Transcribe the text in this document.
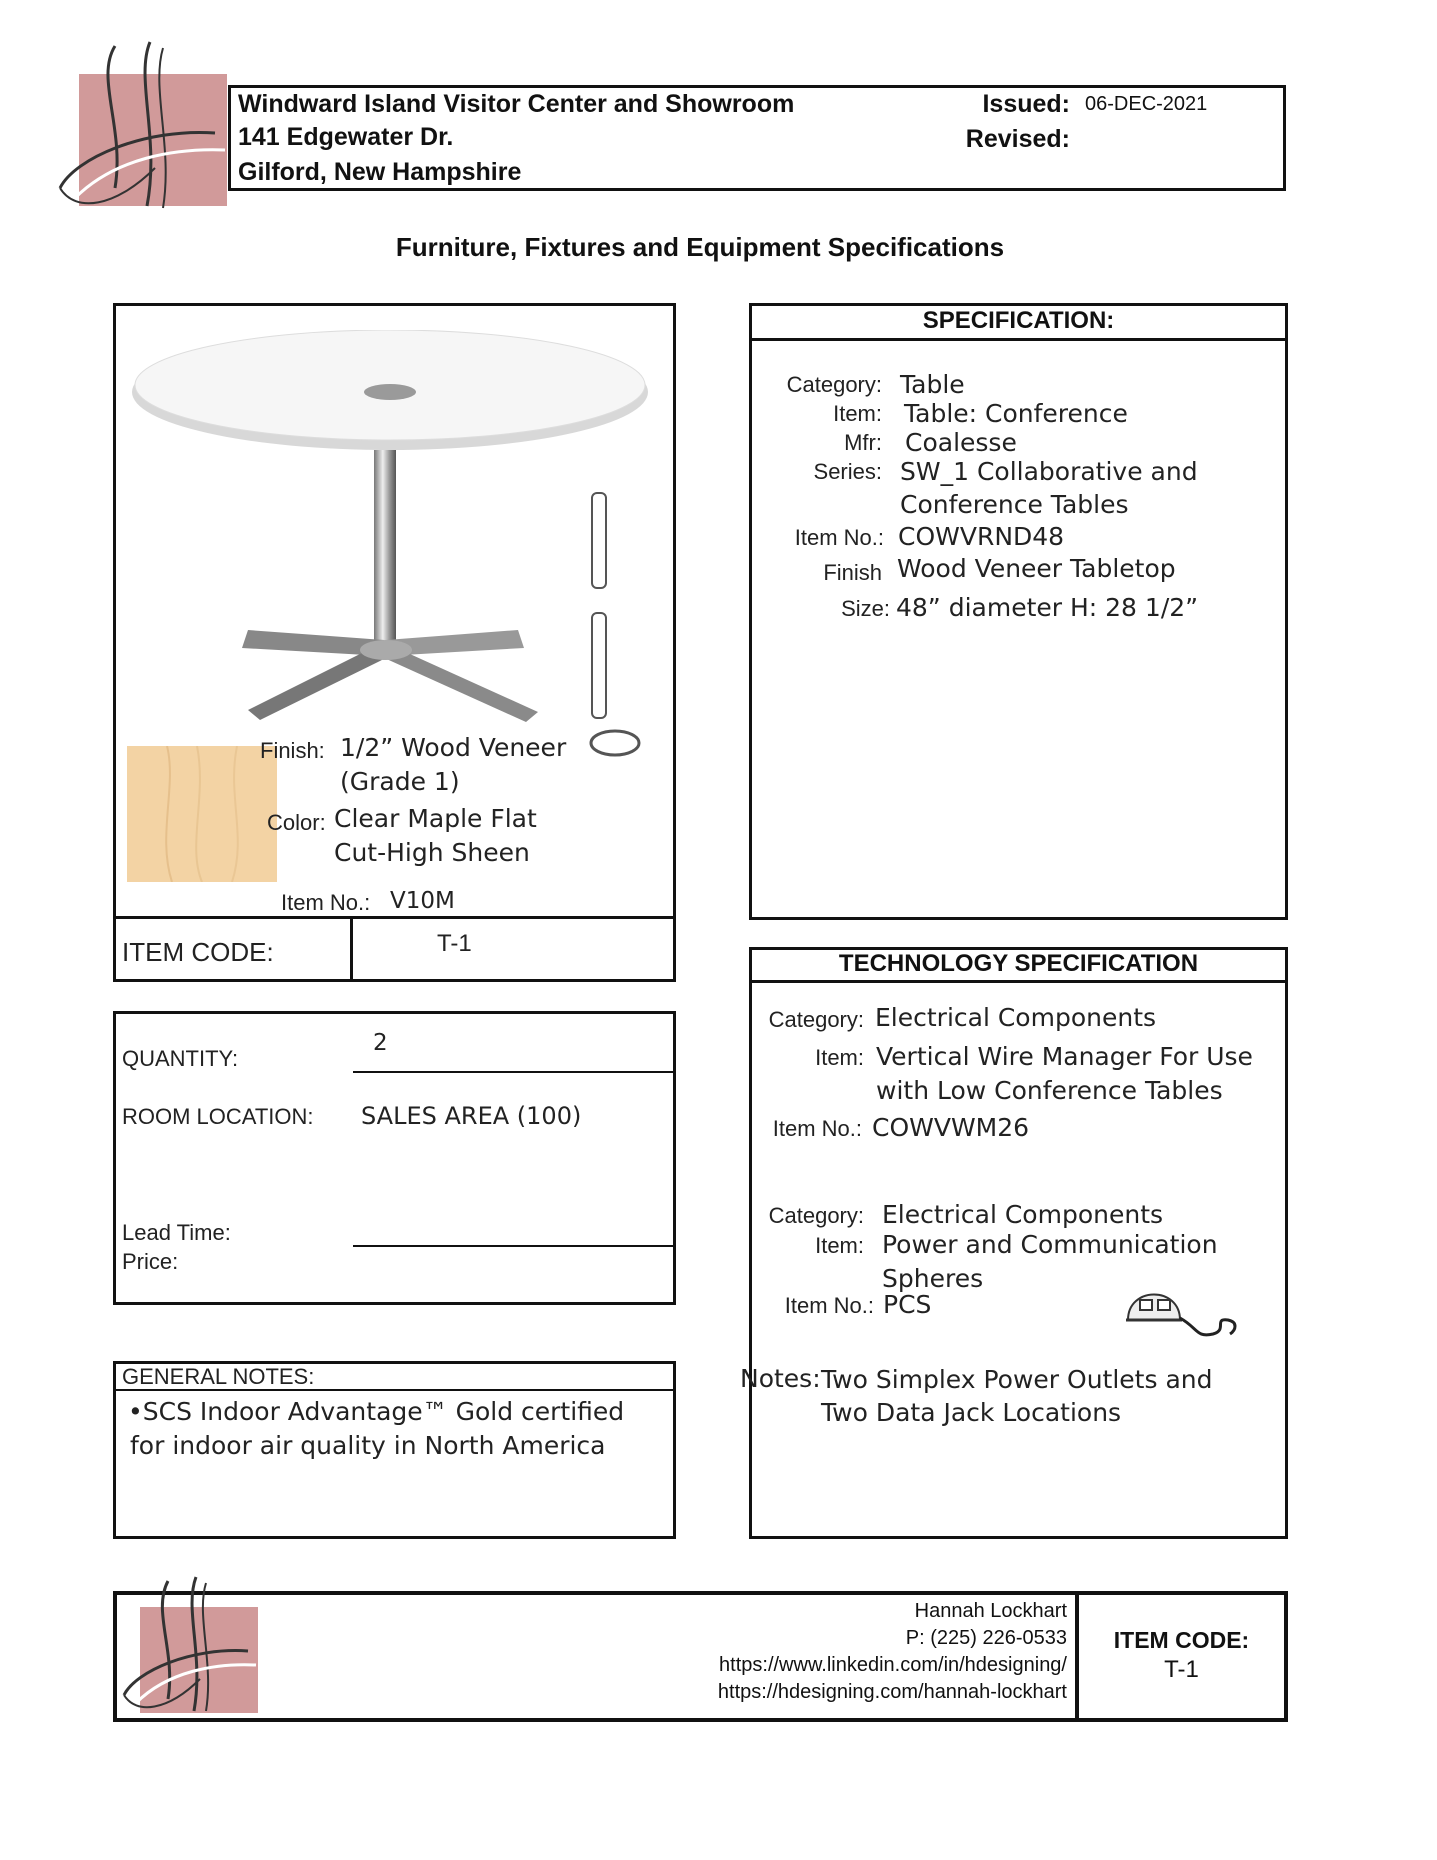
Windward Island Visitor Center and Showroom
141 Edgewater Dr.
Gilford, New Hampshire
Issued: 06-DEC-2021
Revised:
Furniture, Fixtures and Equipment Specifications
Finish: 1/2” Wood Veneer
(Grade 1)
Color: Clear Maple Flat
Cut-High Sheen
Item No.: V10M
ITEM CODE:	T-1
QUANTITY:
2
ROOM LOCATION: SALES AREA (100)
Lead Time:
Price:
GENERAL NOTES:
•SCS Indoor Advantage™ Gold certified
for indoor air quality in North America
SPECIFICATION:
Category: Table
Item: Table: Conference
Mfr: Coalesse
Series: SW_1 Collaborative and
Conference Tables
Item No.: COWVRND48
Finish Wood Veneer Tabletop
Size: 48” diameter H: 28 1/2”
TECHNOLOGY SPECIFICATION
Category: Electrical Components
Item: Vertical Wire Manager For Use
with Low Conference Tables
Item No.: COWVWM26
Category: Electrical Components
Item: Power and Communication
Spheres
Item No.: PCS
Notes: Two Simplex Power Outlets and
Two Data Jack Locations
Hannah Lockhart
P: (225) 226-0533
https://www.linkedin.com/in/hdesigning/
https://hdesigning.com/hannah-lockhart
ITEM CODE:
T-1
